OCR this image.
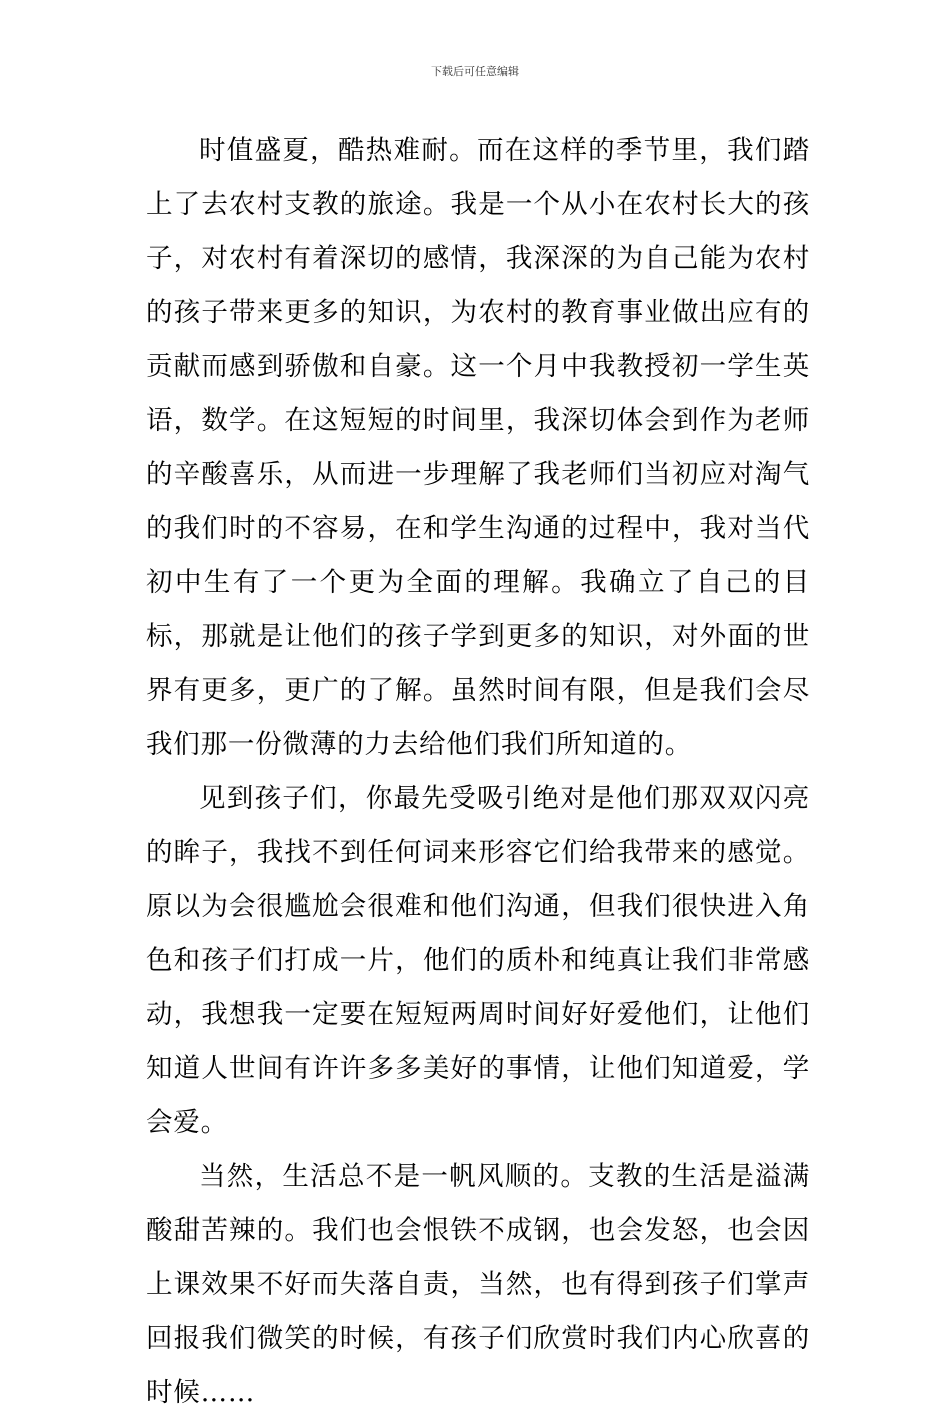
下载后可任意编辑

时值盛夏，酷热难耐。而在这样的季节里，我们踏上了去农村支教的旅途。我是一个从小在农村长大的孩子，对农村有着深切的感情，我深深的为自己能为农村的孩子带来更多的知识，为农村的教育事业做出应有的贡献而感到骄傲和自豪。这一个月中我教授初一学生英语，数学。在这短短的时间里，我深切体会到作为老师的辛酸喜乐，从而进一步理解了我老师们当初应对淘气的我们时的不容易，在和学生沟通的过程中，我对当代初中生有了一个更为全面的理解。我确立了自己的目标，那就是让他们的孩子学到更多的知识，对外面的世界有更多，更广的了解。虽然时间有限，但是我们会尽我们那一份微薄的力去给他们我们所知道的。

见到孩子们，你最先受吸引绝对是他们那双双闪亮的眸子，我找不到任何词来形容它们给我带来的感觉。原以为会很尴尬会很难和他们沟通，但我们很快进入角色和孩子们打成一片，他们的质朴和纯真让我们非常感动，我想我一定要在短短两周时间好好爱他们，让他们知道人世间有许许多多美好的事情，让他们知道爱，学会爱。

当然，生活总不是一帆风顺的。支教的生活是溢满酸甜苦辣的。我们也会恨铁不成钢，也会发怒，也会因上课效果不好而失落自责，当然，也有得到孩子们掌声回报我们微笑的时候，有孩子们欣赏时我们内心欣喜的时候……
